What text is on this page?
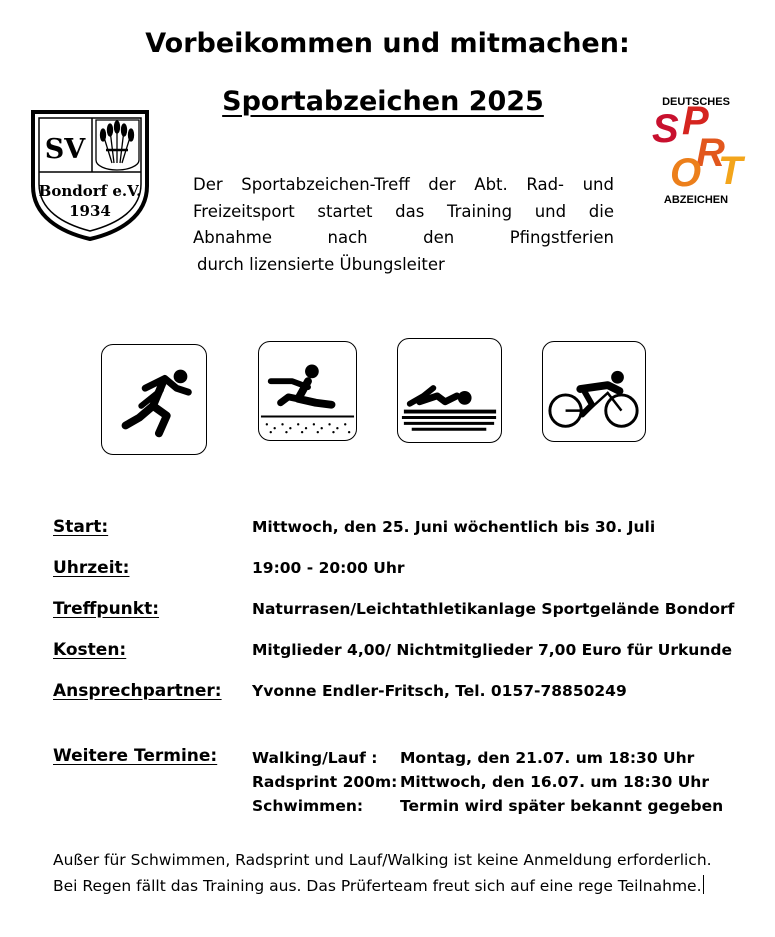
Vorbeikommen und mitmachen:
Sportabzeichen 2025
SV
Bondorf e.V.
1934
DEUTSCHES
S P
R
O T
ABZEICHEN
Der Sportabzeichen-Treff der Abt. Rad- und
Freizeitsport startet das Training und die
Abnahme nach den Pfingstferien
durch lizensierte Übungsleiter
Start:	Mittwoch, den 25. Juni wöchentlich bis 30. Juli
Uhrzeit:	19:00 - 20:00 Uhr
Treffpunkt:	Naturrasen/Leichtathletikanlage Sportgelände Bondorf
Kosten:	Mitglieder 4,00/ Nichtmitglieder 7,00 Euro für Urkunde
Ansprechpartner: Yvonne Endler-Fritsch, Tel. 0157-78850249
Weitere Termine: Walking/Lauf : Montag, den 21.07. um 18:30 Uhr
Radsprint 200m: Mittwoch, den 16.07. um 18:30 Uhr
Schwimmen: Termin wird später bekannt gegeben
Außer für Schwimmen, Radsprint und Lauf/Walking ist keine Anmeldung erforderlich.
Bei Regen fällt das Training aus. Das Prüferteam freut sich auf eine rege Teilnahme.
